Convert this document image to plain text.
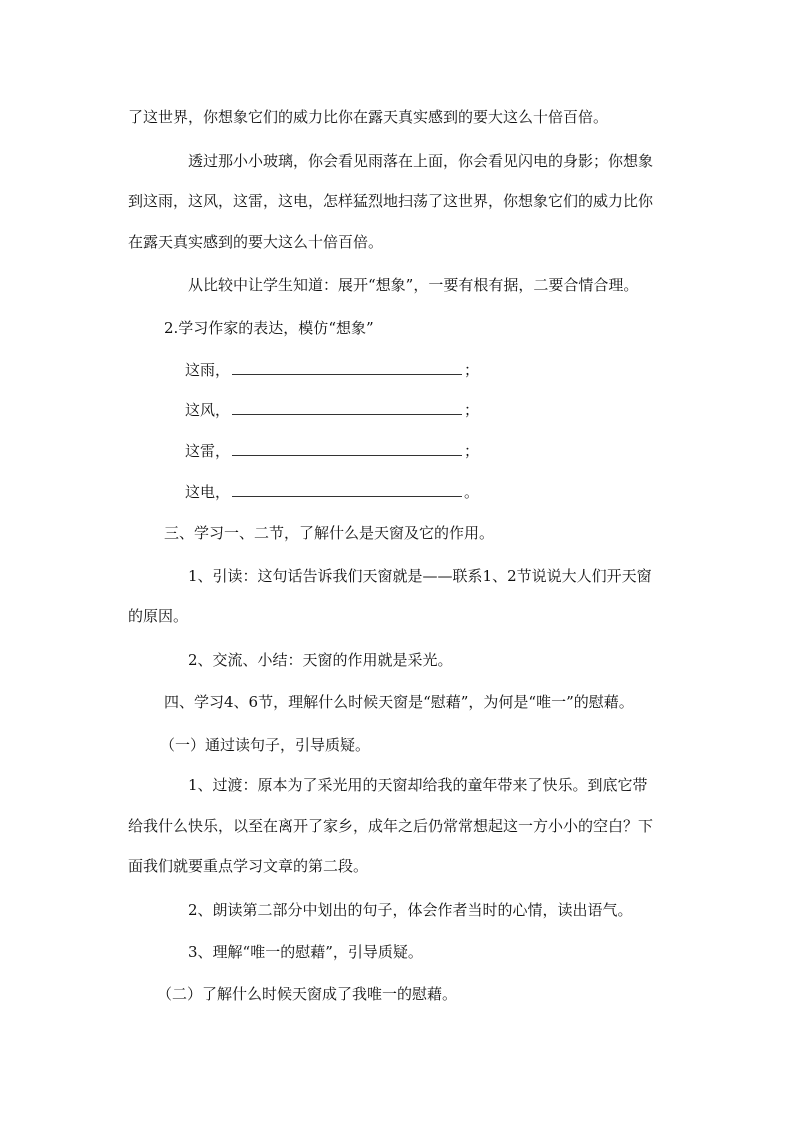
了这世界，你想象它们的威力比你在露天真实感到的要大这么十倍百倍。
透过那小小玻璃，你会看见雨落在上面，你会看见闪电的身影；你想象
到这雨，这风，这雷，这电，怎样猛烈地扫荡了这世界，你想象它们的威力比你
在露天真实感到的要大这么十倍百倍。
从比较中让学生知道：展开“想象”，一要有根有据，二要合情合理。
2.学习作家的表达，模仿“想象”
这雨，	；
这风，	；
这雷，	；
这电，	。
三、学习一、二节，了解什么是天窗及它的作用。
1、引读：这句话告诉我们天窗就是——联系1、2节说说大人们开天窗
的原因。
2、交流、小结：天窗的作用就是采光。
四、学习4、6节，理解什么时候天窗是“慰藉”，为何是“唯一”的慰藉。
（一）通过读句子，引导质疑。
1、过渡：原本为了采光用的天窗却给我的童年带来了快乐。到底它带
给我什么快乐，以至在离开了家乡，成年之后仍常常想起这一方小小的空白？下
面我们就要重点学习文章的第二段。
2、朗读第二部分中划出的句子，体会作者当时的心情，读出语气。
3、理解“唯一的慰藉”，引导质疑。
（二）了解什么时候天窗成了我唯一的慰藉。
